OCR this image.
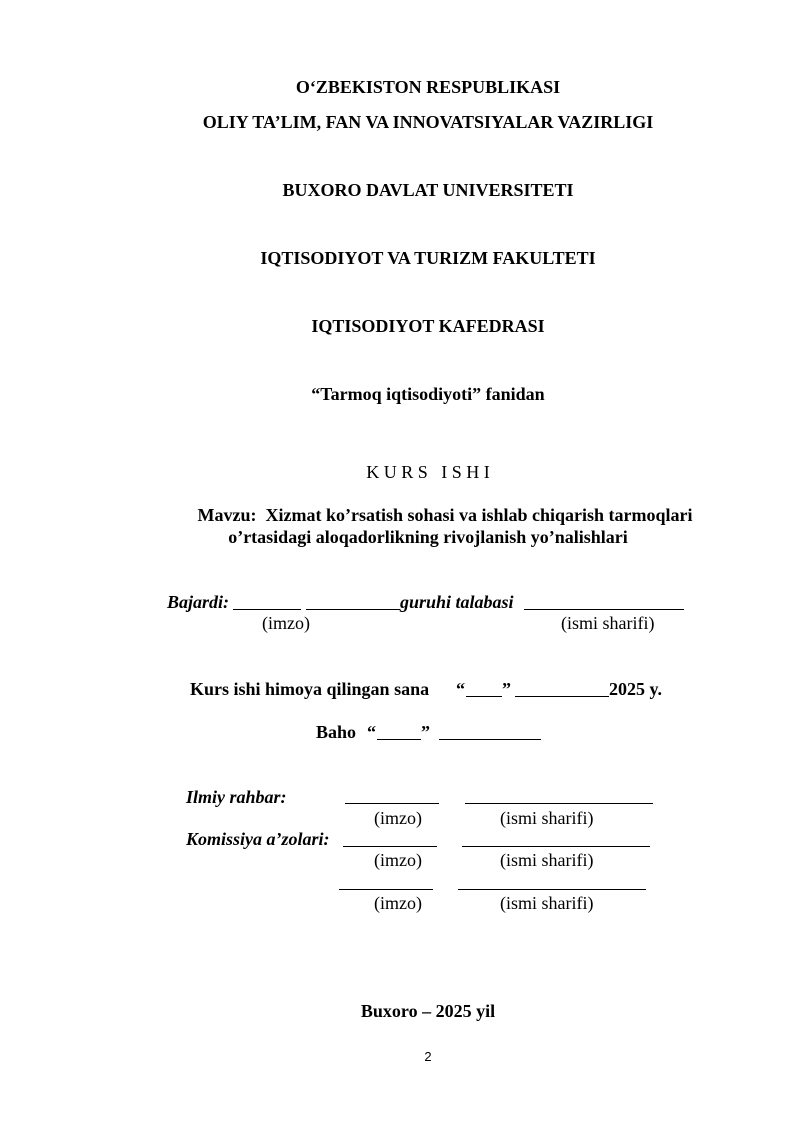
O‘ZBEKISTON RESPUBLIKASI
OLIY TA’LIM, FAN VA INNOVATSIYALAR VAZIRLIGI
BUXORO DAVLAT UNIVERSITETI
IQTISODIYOT VA TURIZM FAKULTETI
IQTISODIYOT KAFEDRASI
“Tarmoq iqtisodiyoti” fanidan
K U R S   I S H I
Mavzu: Xizmat ko’rsatish sohasi va ishlab chiqarish tarmoqlari
o’rtasidagi aloqadorlikning rivojlanish yo’nalishlari
Bajardi:	guruhi talabasi
(imzo)	(ismi sharifi)
Kurs ishi himoya qilingan sana “ ”	2025 y.
Baho “	”
Ilmiy rahbar:
(imzo)	(ismi sharifi)
Komissiya a’zolari:
(imzo)	(ismi sharifi)
(imzo)	(ismi sharifi)
Buxoro – 2025 yil
2
